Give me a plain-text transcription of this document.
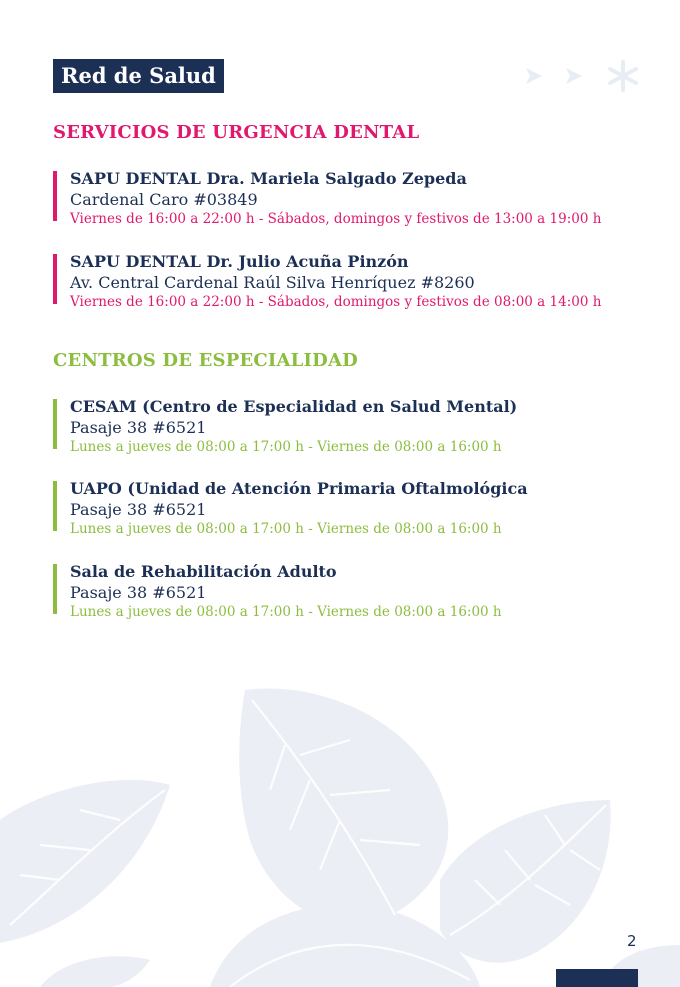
Red de Salud
SERVICIOS DE URGENCIA DENTAL
SAPU DENTAL Dra. Mariela Salgado Zepeda
Cardenal Caro #03849
Viernes de 16:00 a 22:00 h - Sábados, domingos y festivos de 13:00 a 19:00 h
SAPU DENTAL Dr. Julio Acuña Pinzón
Av. Central Cardenal Raúl Silva Henríquez #8260
Viernes de 16:00 a 22:00 h - Sábados, domingos y festivos de 08:00 a 14:00 h
CENTROS DE ESPECIALIDAD
CESAM (Centro de Especialidad en Salud Mental)
Pasaje 38 #6521
Lunes a jueves de 08:00 a 17:00 h - Viernes de 08:00 a 16:00 h
UAPO (Unidad de Atención Primaria Oftalmológica
Pasaje 38 #6521
Lunes a jueves de 08:00 a 17:00 h - Viernes de 08:00 a 16:00 h
Sala de Rehabilitación Adulto
Pasaje 38 #6521
Lunes a jueves de 08:00 a 17:00 h - Viernes de 08:00 a 16:00 h
2
